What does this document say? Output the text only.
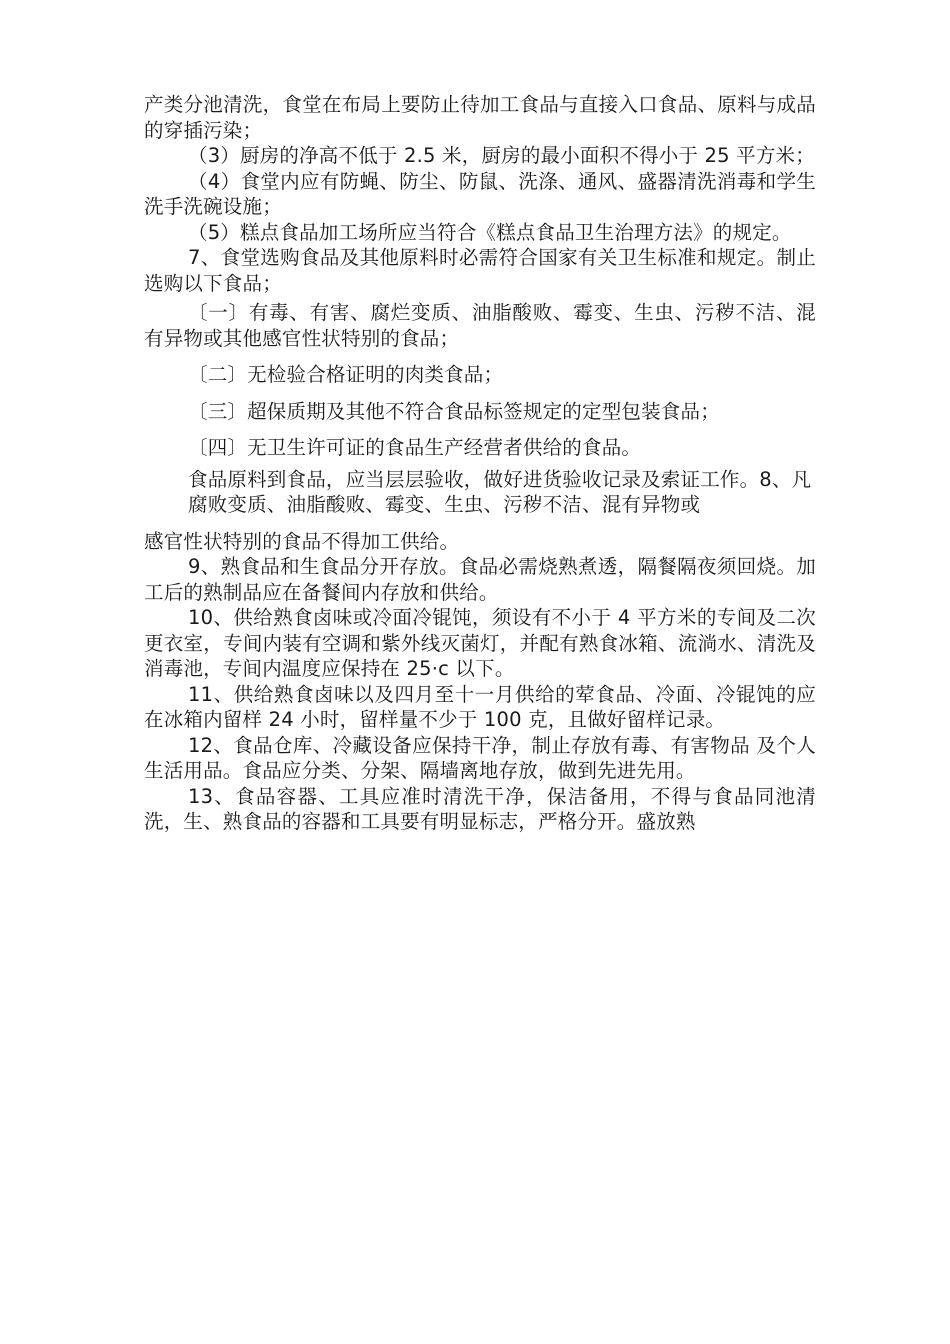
产类分池清洗，食堂在布局上要防止待加工食品与直接入口食品、原料与成品的穿插污染；

（3）厨房的净高不低于 2.5 米，厨房的最小面积不得小于 25 平方米；

（4）食堂内应有防蝇、防尘、防鼠、洗涤、通风、盛器清洗消毒和学生洗手洗碗设施；

（5）糕点食品加工场所应当符合《糕点食品卫生治理方法》的规定。

7、食堂选购食品及其他原料时必需符合国家有关卫生标准和规定。制止选购以下食品；

〔一〕有毒、有害、腐烂变质、油脂酸败、霉变、生虫、污秽不洁、混有异物或其他感官性状特别的食品；

〔二〕无检验合格证明的肉类食品；

〔三〕超保质期及其他不符合食品标签规定的定型包装食品；

〔四〕无卫生许可证的食品生产经营者供给的食品。

食品原料到食品，应当层层验收，做好进货验收记录及索证工作。8、凡腐败变质、油脂酸败、霉变、生虫、污秽不洁、混有异物或

感官性状特别的食品不得加工供给。

9、熟食品和生食品分开存放。食品必需烧熟煮透，隔餐隔夜须回烧。加工后的熟制品应在备餐间内存放和供给。

10、供给熟食卤味或冷面冷锟饨，须设有不小于 4 平方米的专间及二次更衣室，专间内装有空调和紫外线灭菌灯，并配有熟食冰箱、流淌水、清洗及消毒池，专间内温度应保持在 25·c 以下。

11、供给熟食卤味以及四月至十一月供给的荤食品、冷面、冷锟饨的应在冰箱内留样 24 小时，留样量不少于 100 克，且做好留样记录。

12、食品仓库、冷藏设备应保持干净，制止存放有毒、有害物品 及个人生活用品。食品应分类、分架、隔墙离地存放，做到先进先用。

13、食品容器、工具应准时清洗干净，保洁备用，不得与食品同池清洗，生、熟食品的容器和工具要有明显标志，严格分开。盛放熟
